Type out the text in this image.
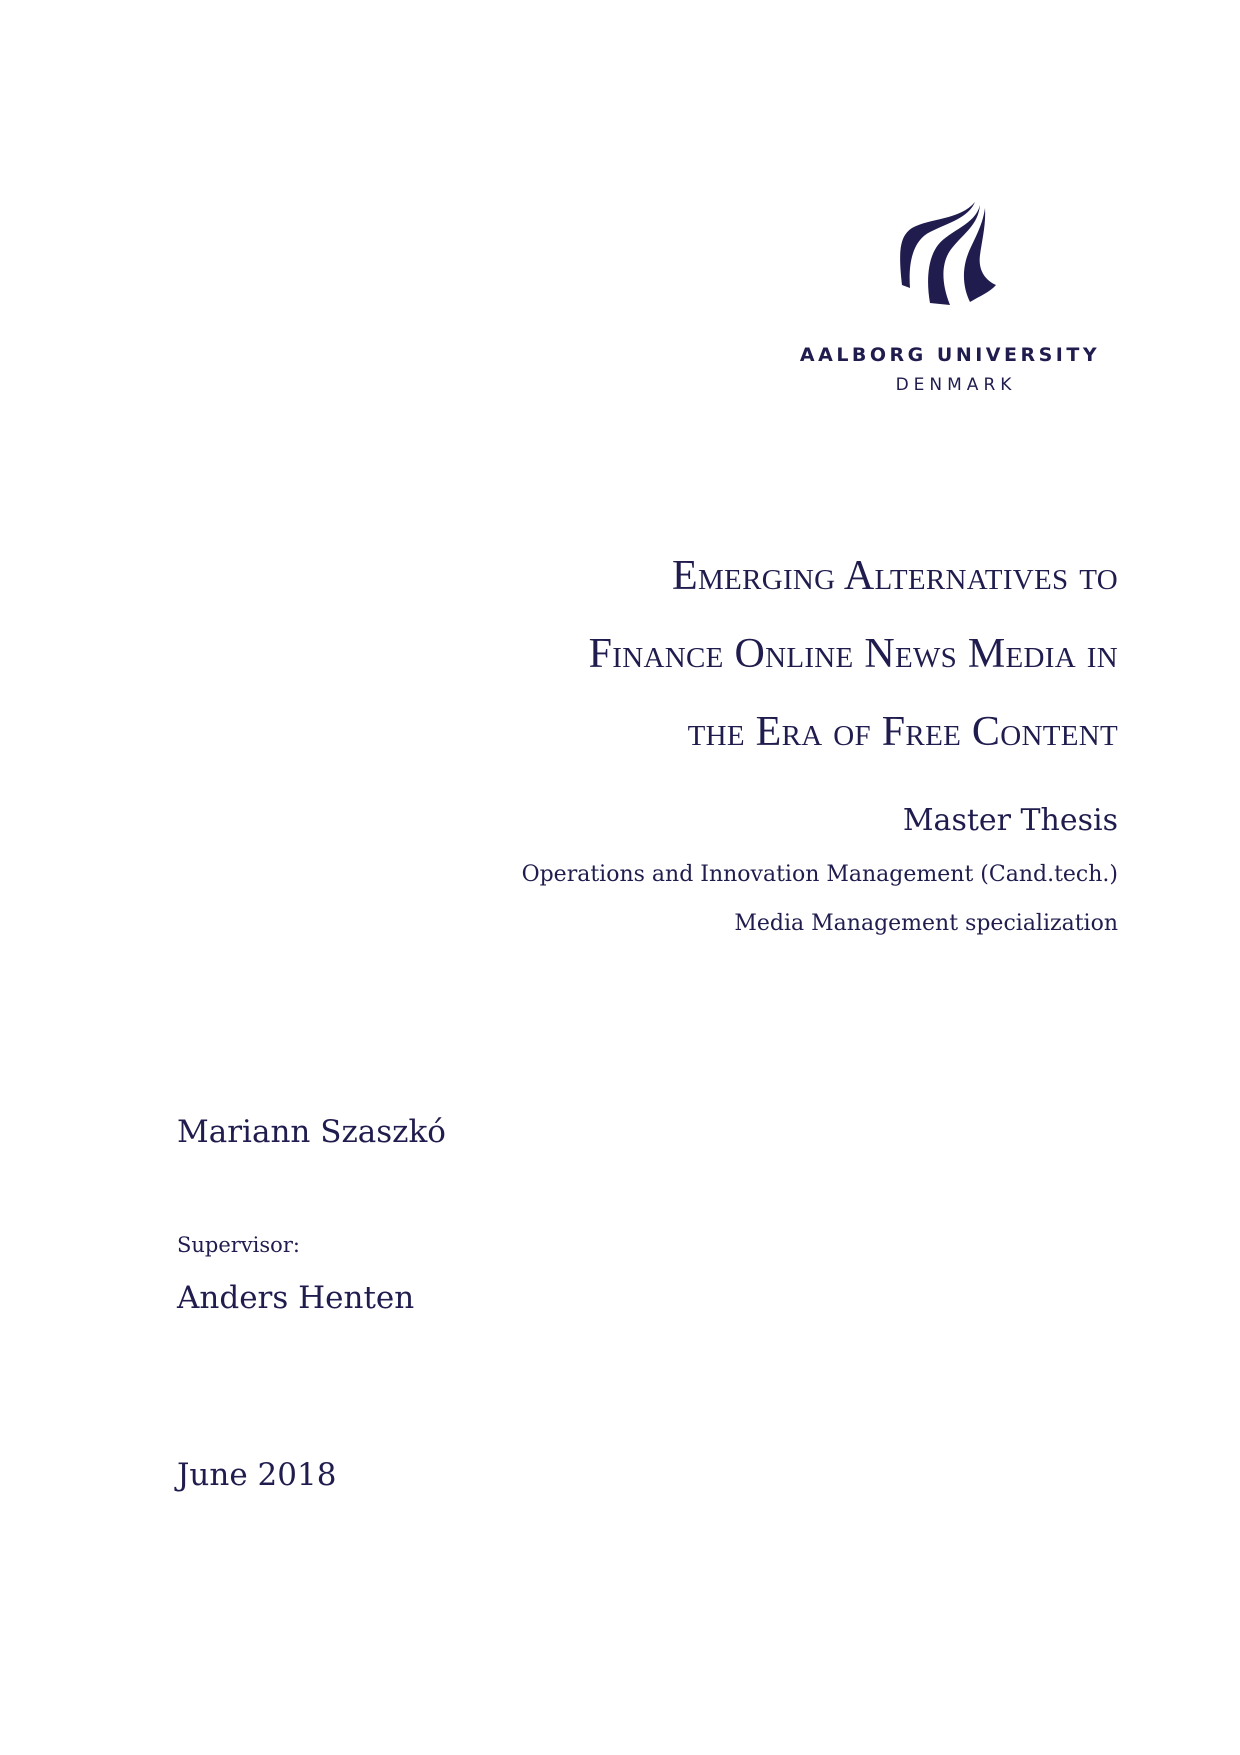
AALBORG UNIVERSITY
DENMARK
Emerging Alternatives to
Finance Online News Media in
the Era of Free Content
Master Thesis
Operations and Innovation Management (Cand.tech.)
Media Management specialization
Mariann Szaszkó
Supervisor:
Anders Henten
June 2018
